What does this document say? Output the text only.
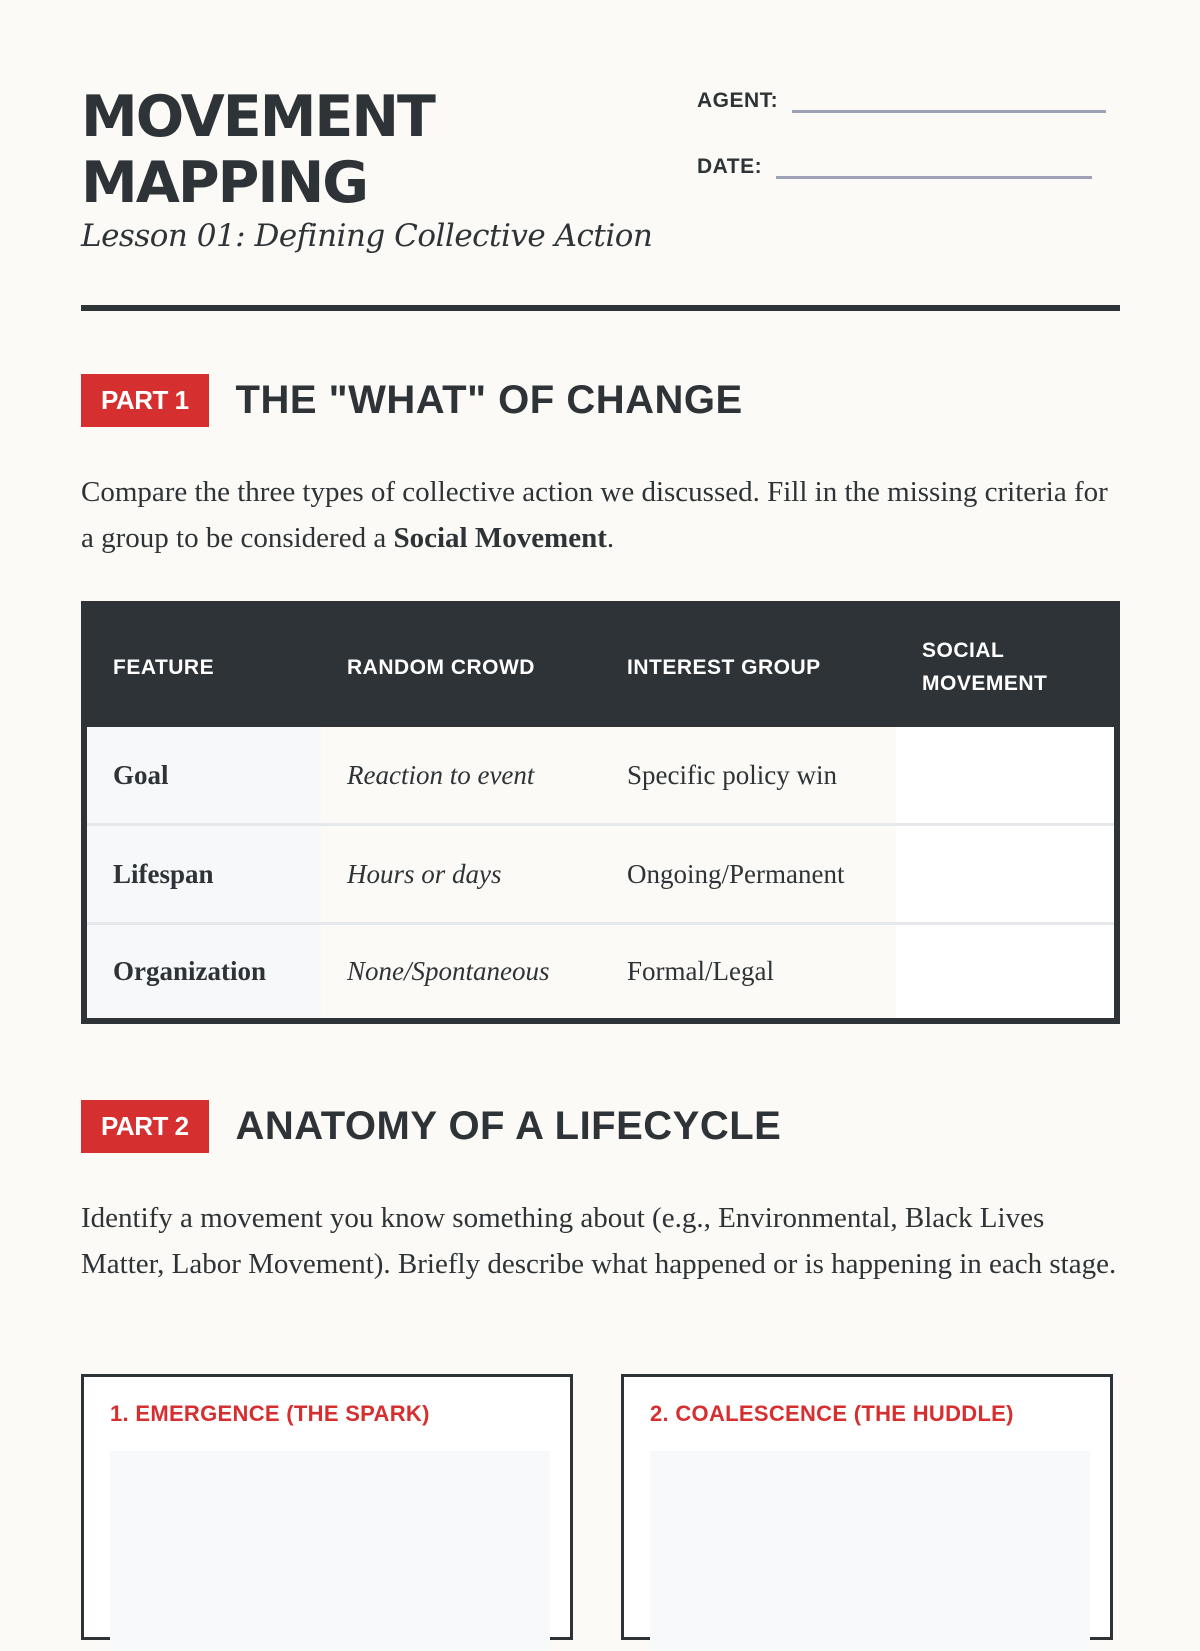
MOVEMENT
MAPPING

Lesson 01: Defining Collective Action

AGENT:
DATE:
PART 1	THE "WHAT" OF CHANGE

Compare the three types of collective action we discussed. Fill in the missing criteria for a group to be considered a Social Movement.

FEATURE	RANDOM CROWD	INTEREST GROUP	SOCIAL MOVEMENT
Goal	Reaction to event	Specific policy win	
Lifespan	Hours or days	Ongoing/Permanent	
Organization	None/Spontaneous	Formal/Legal	
PART 2	ANATOMY OF A LIFECYCLE

Identify a movement you know something about (e.g., Environmental, Black Lives Matter, Labor Movement). Briefly describe what happened or is happening in each stage.

1. EMERGENCE (THE SPARK)	2. COALESCENCE (THE HUDDLE)
